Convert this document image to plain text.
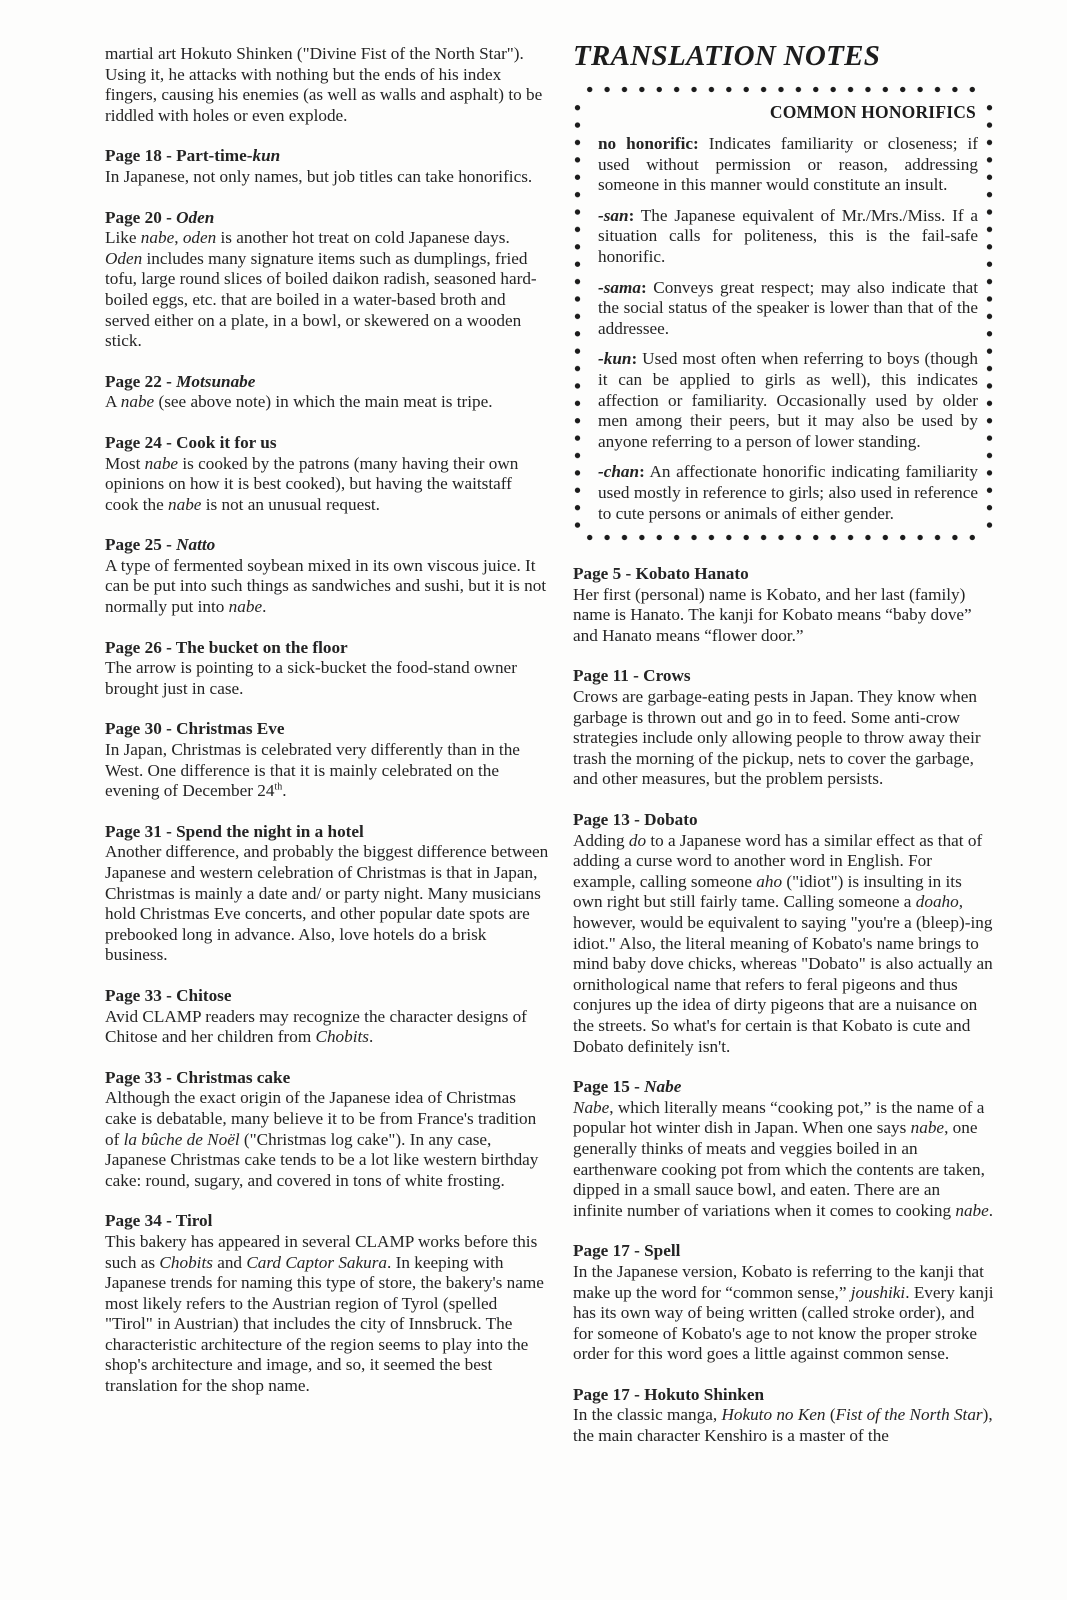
martial art Hokuto Shinken ("Divine Fist of the North Star"). Using it, he attacks with nothing but the ends of his index fingers, causing his enemies (as well as walls and asphalt) to be riddled with holes or even explode.
Page 18 - Part-time-kun
In Japanese, not only names, but job titles can take honorifics.
Page 20 - Oden
Like nabe, oden is another hot treat on cold Japanese days. Oden includes many signature items such as dumplings, fried tofu, large round slices of boiled daikon radish, seasoned hard-boiled eggs, etc. that are boiled in a water-based broth and served either on a plate, in a bowl, or skewered on a wooden stick.
Page 22 - Motsunabe
A nabe (see above note) in which the main meat is tripe.
Page 24 - Cook it for us
Most nabe is cooked by the patrons (many having their own opinions on how it is best cooked), but having the waitstaff cook the nabe is not an unusual request.
Page 25 - Natto
A type of fermented soybean mixed in its own viscous juice. It can be put into such things as sandwiches and sushi, but it is not normally put into nabe.
Page 26 - The bucket on the floor
The arrow is pointing to a sick-bucket the food-stand owner brought just in case.
Page 30 - Christmas Eve
In Japan, Christmas is celebrated very differently than in the West. One difference is that it is mainly celebrated on the evening of December 24th.
Page 31 - Spend the night in a hotel
Another difference, and probably the biggest difference between Japanese and western celebration of Christmas is that in Japan, Christmas is mainly a date and/ or party night. Many musicians hold Christmas Eve concerts, and other popular date spots are prebooked long in advance. Also, love hotels do a brisk business.
Page 33 - Chitose
Avid CLAMP readers may recognize the character designs of Chitose and her children from Chobits.
Page 33 - Christmas cake
Although the exact origin of the Japanese idea of Christmas cake is debatable, many believe it to be from France's tradition of la bûche de Noël ("Christmas log cake"). In any case, Japanese Christmas cake tends to be a lot like western birthday cake: round, sugary, and covered in tons of white frosting.
Page 34 - Tirol
This bakery has appeared in several CLAMP works before this such as Chobits and Card Captor Sakura. In keeping with Japanese trends for naming this type of store, the bakery's name most likely refers to the Austrian region of Tyrol (spelled "Tirol" in Austrian) that includes the city of Innsbruck. The characteristic architecture of the region seems to play into the shop's architecture and image, and so, it seemed the best translation for the shop name.
TRANSLATION NOTES
COMMON HONORIFICS
no honorific: Indicates familiarity or closeness; if used without permission or reason, addressing someone in this manner would constitute an insult.
-san: The Japanese equivalent of Mr./Mrs./Miss. If a situation calls for politeness, this is the fail-safe honorific.
-sama: Conveys great respect; may also indicate that the social status of the speaker is lower than that of the addressee.
-kun: Used most often when referring to boys (though it can be applied to girls as well), this indicates affection or familiarity. Occasionally used by older men among their peers, but it may also be used by anyone referring to a person of lower standing.
-chan: An affectionate honorific indicating familiarity used mostly in reference to girls; also used in reference to cute persons or animals of either gender.
Page 5 - Kobato Hanato
Her first (personal) name is Kobato, and her last (family) name is Hanato. The kanji for Kobato means “baby dove” and Hanato means “flower door.”
Page 11 - Crows
Crows are garbage-eating pests in Japan. They know when garbage is thrown out and go in to feed. Some anti-crow strategies include only allowing people to throw away their trash the morning of the pickup, nets to cover the garbage, and other measures, but the problem persists.
Page 13 - Dobato
Adding do to a Japanese word has a similar effect as that of adding a curse word to another word in English. For example, calling someone aho ("idiot") is insulting in its own right but still fairly tame. Calling someone a doaho, however, would be equivalent to saying "you're a (bleep)-ing idiot." Also, the literal meaning of Kobato's name brings to mind baby dove chicks, whereas "Dobato" is also actually an ornithological name that refers to feral pigeons and thus conjures up the idea of dirty pigeons that are a nuisance on the streets. So what's for certain is that Kobato is cute and Dobato definitely isn't.
Page 15 - Nabe
Nabe, which literally means “cooking pot,” is the name of a popular hot winter dish in Japan. When one says nabe, one generally thinks of meats and veggies boiled in an earthenware cooking pot from which the contents are taken, dipped in a small sauce bowl, and eaten. There are an infinite number of variations when it comes to cooking nabe.
Page 17 - Spell
In the Japanese version, Kobato is referring to the kanji that make up the word for “common sense,” joushiki. Every kanji has its own way of being written (called stroke order), and for someone of Kobato's age to not know the proper stroke order for this word goes a little against common sense.
Page 17 - Hokuto Shinken
In the classic manga, Hokuto no Ken (Fist of the North Star), the main character Kenshiro is a master of the
